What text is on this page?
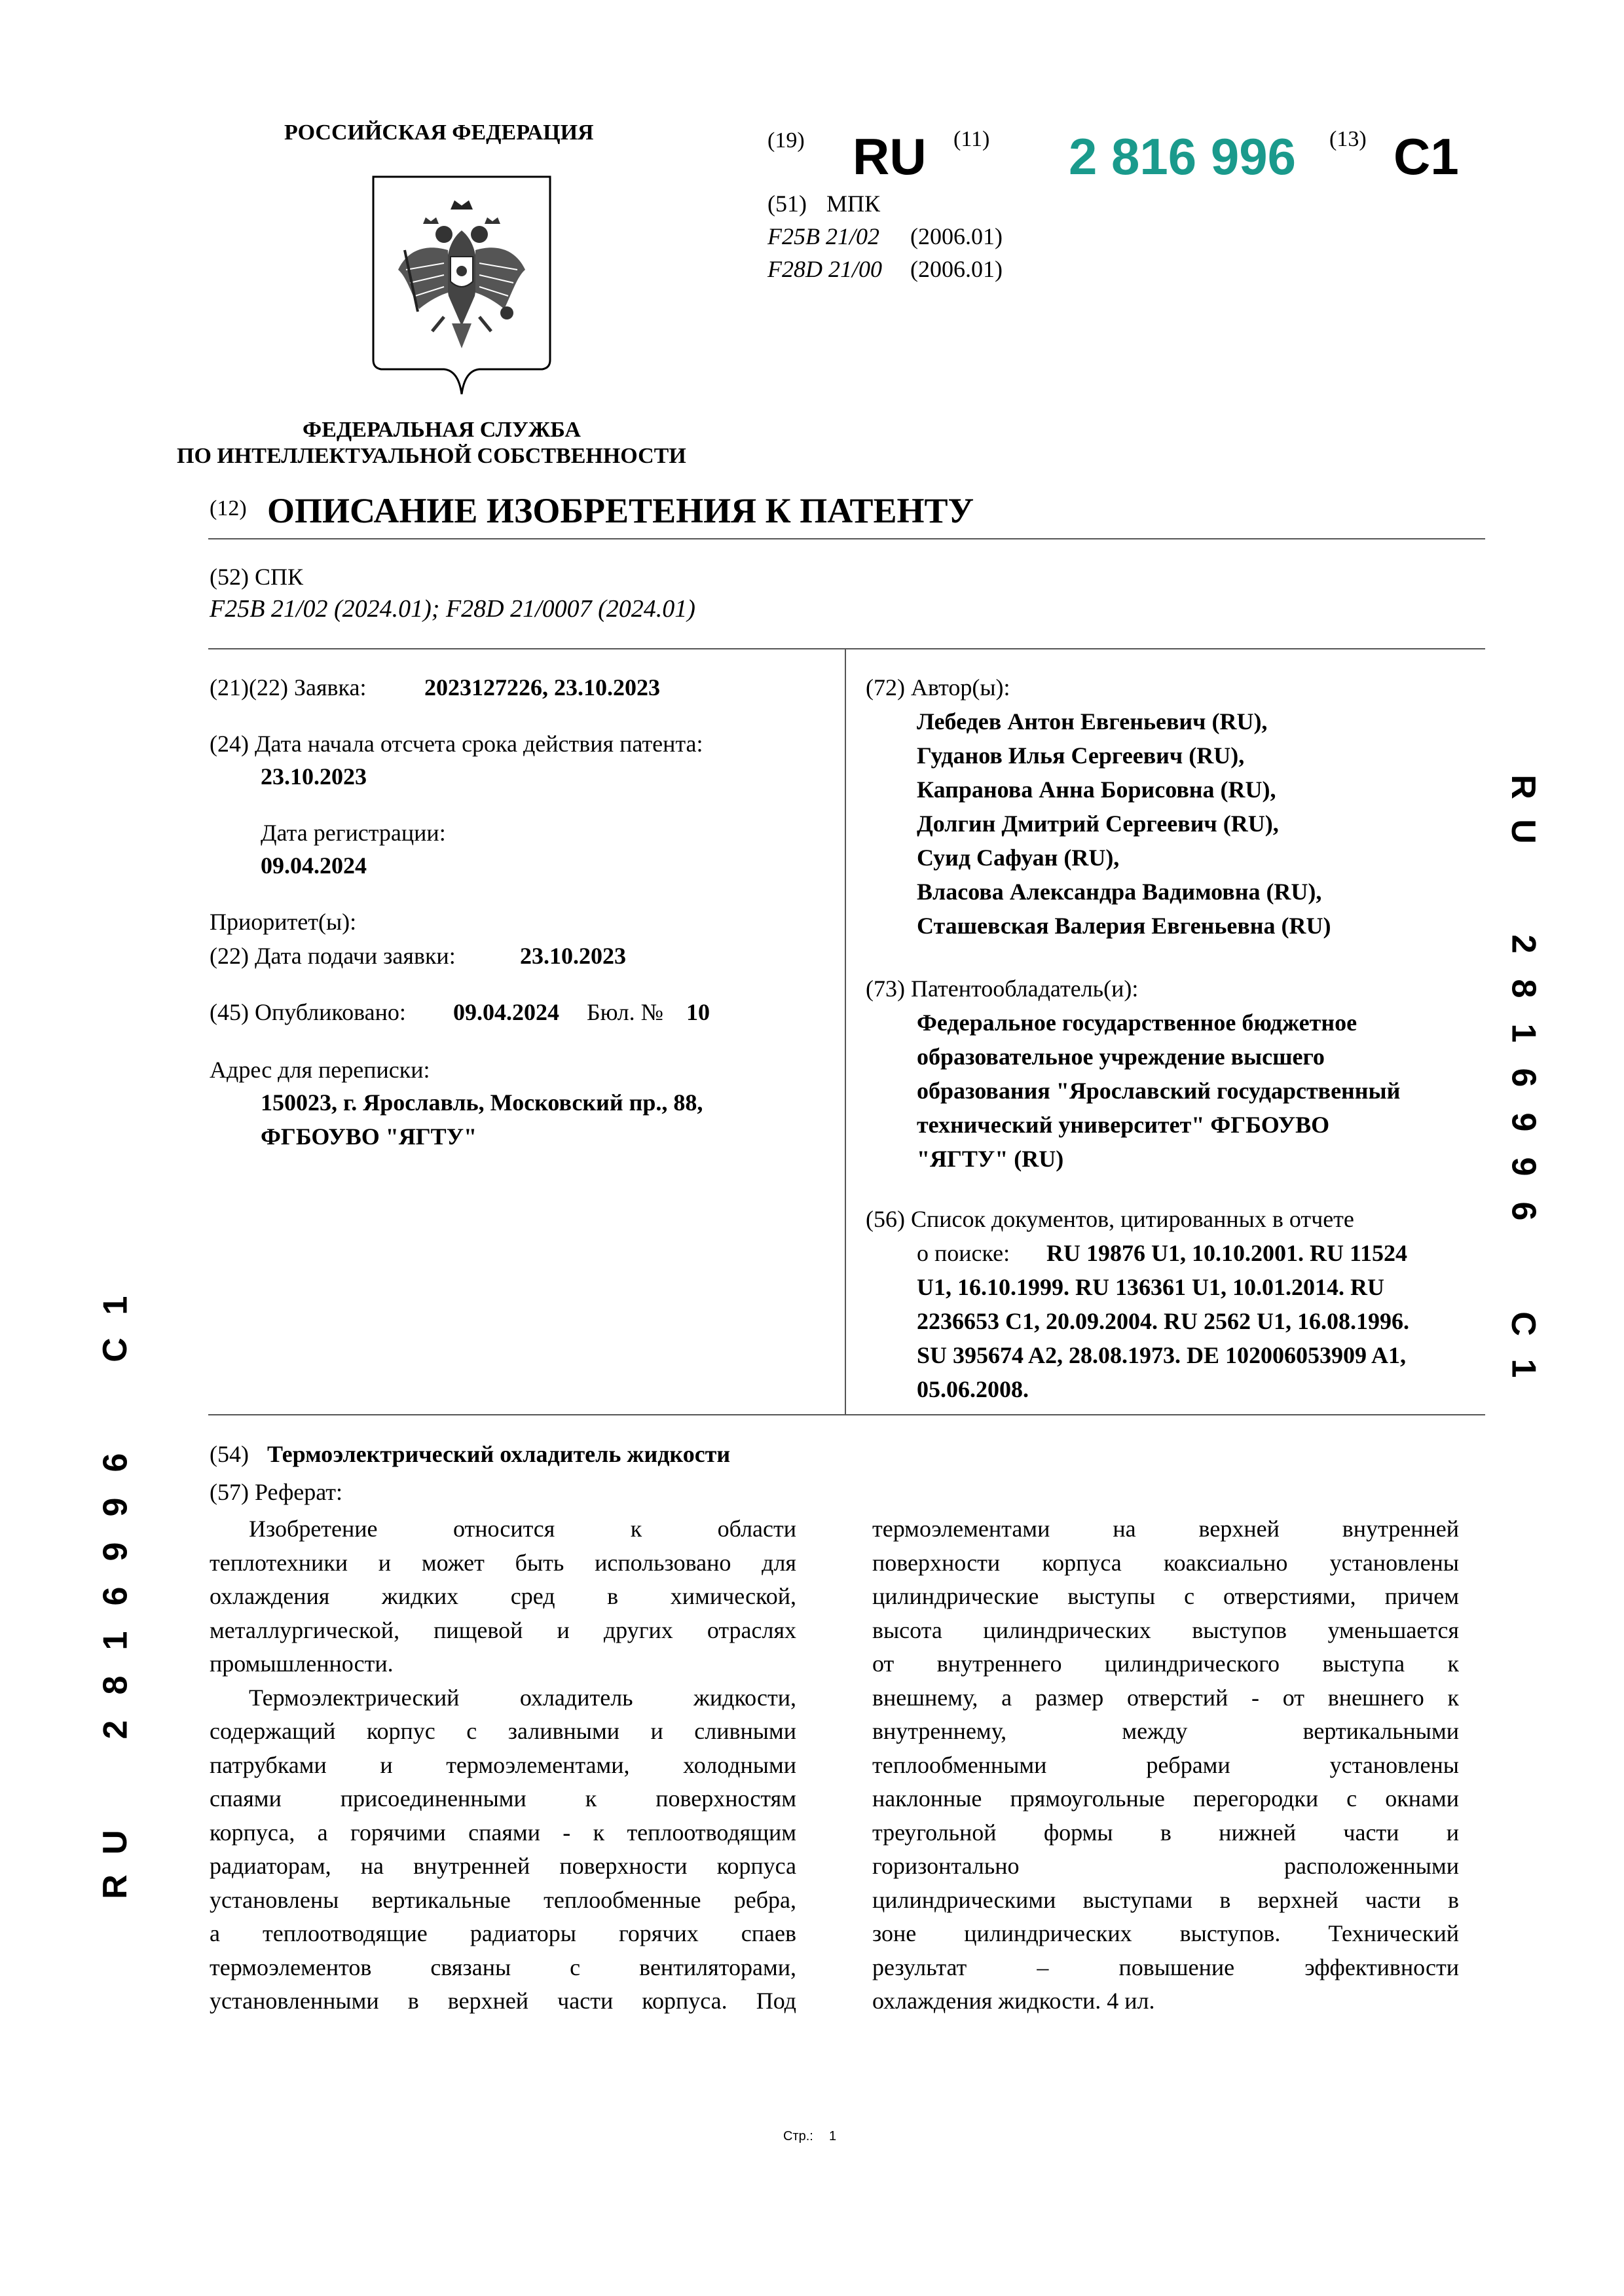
РОССИЙСКАЯ ФЕДЕРАЦИЯ
ФЕДЕРАЛЬНАЯ СЛУЖБА
ПО ИНТЕЛЛЕКТУАЛЬНОЙ СОБСТВЕННОСТИ
(19) RU (11) 2 816 996 (13) C1
(51) МПК
F25B 21/02 (2006.01)
F28D 21/00 (2006.01)
(12) ОПИСАНИЕ ИЗОБРЕТЕНИЯ К ПАТЕНТУ
(52) СПК
F25B 21/02 (2024.01); F28D 21/0007 (2024.01)
(21)(22) Заявка: 2023127226, 23.10.2023
(24) Дата начала отсчета срока действия патента:
23.10.2023
Дата регистрации:
09.04.2024
Приоритет(ы):
(22) Дата подачи заявки:	23.10.2023
(45) Опубликовано: 09.04.2024 Бюл. № 10
Адрес для переписки:
150023, г. Ярославль, Московский пр., 88,
ФГБОУВО "ЯГТУ"
(72) Автор(ы):
Лебедев Антон Евгеньевич (RU),
Гуданов Илья Сергеевич (RU),
Капранова Анна Борисовна (RU),
Долгин Дмитрий Сергеевич (RU),
Суид Сафуан (RU),
Власова Александра Вадимовна (RU),
Сташевская Валерия Евгеньевна (RU)
(73) Патентообладатель(и):
Федеральное государственное бюджетное
образовательное учреждение высшего
образования "Ярославский государственный
технический университет" ФГБОУВО
"ЯГТУ" (RU)
(56) Список документов, цитированных в отчете
о поиске: RU 19876 U1, 10.10.2001. RU 11524
U1, 16.10.1999. RU 136361 U1, 10.01.2014. RU
2236653 C1, 20.09.2004. RU 2562 U1, 16.08.1996.
SU 395674 A2, 28.08.1973. DE 102006053909 A1,
05.06.2008.
(54) Термоэлектрический охладитель жидкости
(57) Реферат:
Изобретение относится к области
теплотехники и может быть использовано для
охлаждения жидких сред в химической,
металлургической, пищевой и других отраслях
промышленности.
Термоэлектрический охладитель жидкости,
содержащий корпус с заливными и сливными
патрубками и термоэлементами, холодными
спаями присоединенными к поверхностям
корпуса, а горячими спаями - к теплоотводящим
радиаторам, на внутренней поверхности корпуса
установлены вертикальные теплообменные ребра,
а теплоотводящие радиаторы горячих спаев
термоэлементов связаны с вентиляторами,
установленными в верхней части корпуса. Под
термоэлементами на верхней внутренней
поверхности корпуса коаксиально установлены
цилиндрические выступы с отверстиями, причем
высота цилиндрических выступов уменьшается
от внутреннего цилиндрического выступа к
внешнему, а размер отверстий - от внешнего к
внутреннему, между вертикальными
теплообменными ребрами установлены
наклонные прямоугольные перегородки с окнами
треугольной формы в нижней части и
горизонтально расположенными
цилиндрическими выступами в верхней части в
зоне цилиндрических выступов. Технический
результат – повышение эффективности
охлаждения жидкости. 4 ил.
R
U
2
8
1
6
9
9
6
C
1
R
U
2
8
1
6
9
9
6
C
1
Стр.: 1
